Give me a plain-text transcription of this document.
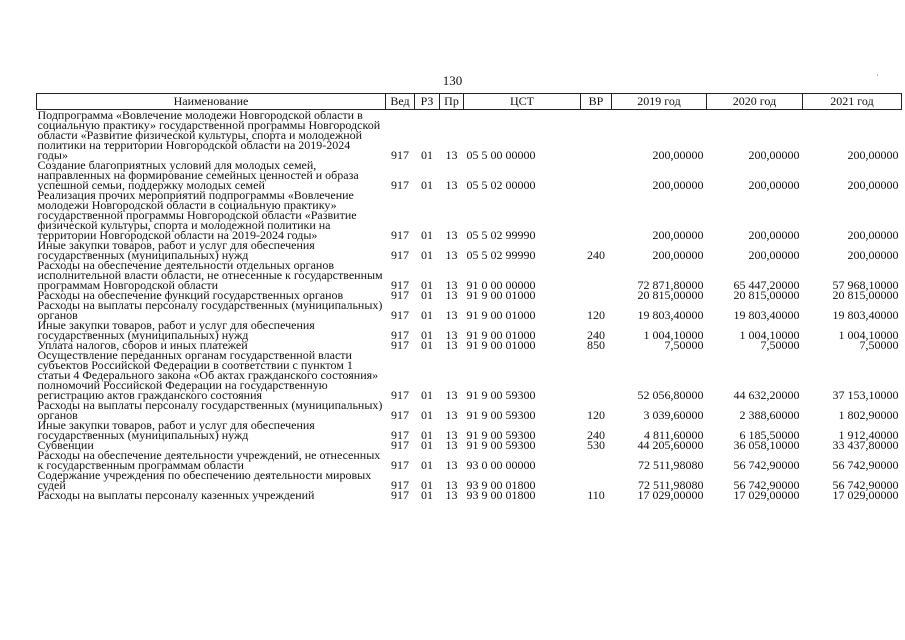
130
Наименование	Вед	РЗ	Пр	ЦСТ	ВР	2019 год	2020 год	2021 год
Подпрограмма «Вовлечение молодежи Новгородской области в социальную практику» государственной программы Новгородской области «Развитие физической культуры, спорта и молодежной политики на территории Новгородской области на 2019-2024 годы»	917	01	13	05 5 00 00000		200,00000	200,00000	200,00000
Создание благоприятных условий для молодых семей, направленных на формирование семейных ценностей и образа успешной семьи, поддержку молодых семей	917	01	13	05 5 02 00000		200,00000	200,00000	200,00000
Реализация прочих мероприятий подпрограммы «Вовлечение молодежи Новгородской области в социальную практику» государственной программы Новгородской области «Развитие физической культуры, спорта и молодежной политики на территории Новгородской области на 2019-2024 годы»	917	01	13	05 5 02 99990		200,00000	200,00000	200,00000
Иные закупки товаров, работ и услуг для обеспечения государственных (муниципальных) нужд	917	01	13	05 5 02 99990	240	200,00000	200,00000	200,00000
Расходы на обеспечение деятельности отдельных органов исполнительной власти области, не отнесенные к государственным программам Новгородской области	917	01	13	91 0 00 00000		72 871,80000	65 447,20000	57 968,10000
Расходы на обеспечение функций государственных органов	917	01	13	91 9 00 01000		20 815,00000	20 815,00000	20 815,00000
Расходы на выплаты персоналу государственных (муниципальных) органов	917	01	13	91 9 00 01000	120	19 803,40000	19 803,40000	19 803,40000
Иные закупки товаров, работ и услуг для обеспечения государственных (муниципальных) нужд	917	01	13	91 9 00 01000	240	1 004,10000	1 004,10000	1 004,10000
Уплата налогов, сборов и иных платежей	917	01	13	91 9 00 01000	850	7,50000	7,50000	7,50000
Осуществление переданных органам государственной власти субъектов Российской Федерации в соответствии с пунктом 1 статьи 4 Федерального закона «Об актах гражданского состояния» полномочий Российской Федерации на государственную регистрацию актов гражданского состояния	917	01	13	91 9 00 59300		52 056,80000	44 632,20000	37 153,10000
Расходы на выплаты персоналу государственных (муниципальных) органов	917	01	13	91 9 00 59300	120	3 039,60000	2 388,60000	1 802,90000
Иные закупки товаров, работ и услуг для обеспечения государственных (муниципальных) нужд	917	01	13	91 9 00 59300	240	4 811,60000	6 185,50000	1 912,40000
Субвенции	917	01	13	91 9 00 59300	530	44 205,60000	36 058,10000	33 437,80000
Расходы на обеспечение деятельности учреждений, не отнесенных к государственным программам области	917	01	13	93 0 00 00000		72 511,98080	56 742,90000	56 742,90000
Содержание учреждения по обеспечению деятельности мировых судей	917	01	13	93 9 00 01800		72 511,98080	56 742,90000	56 742,90000
Расходы на выплаты персоналу казенных учреждений	917	01	13	93 9 00 01800	110	17 029,00000	17 029,00000	17 029,00000
˙
